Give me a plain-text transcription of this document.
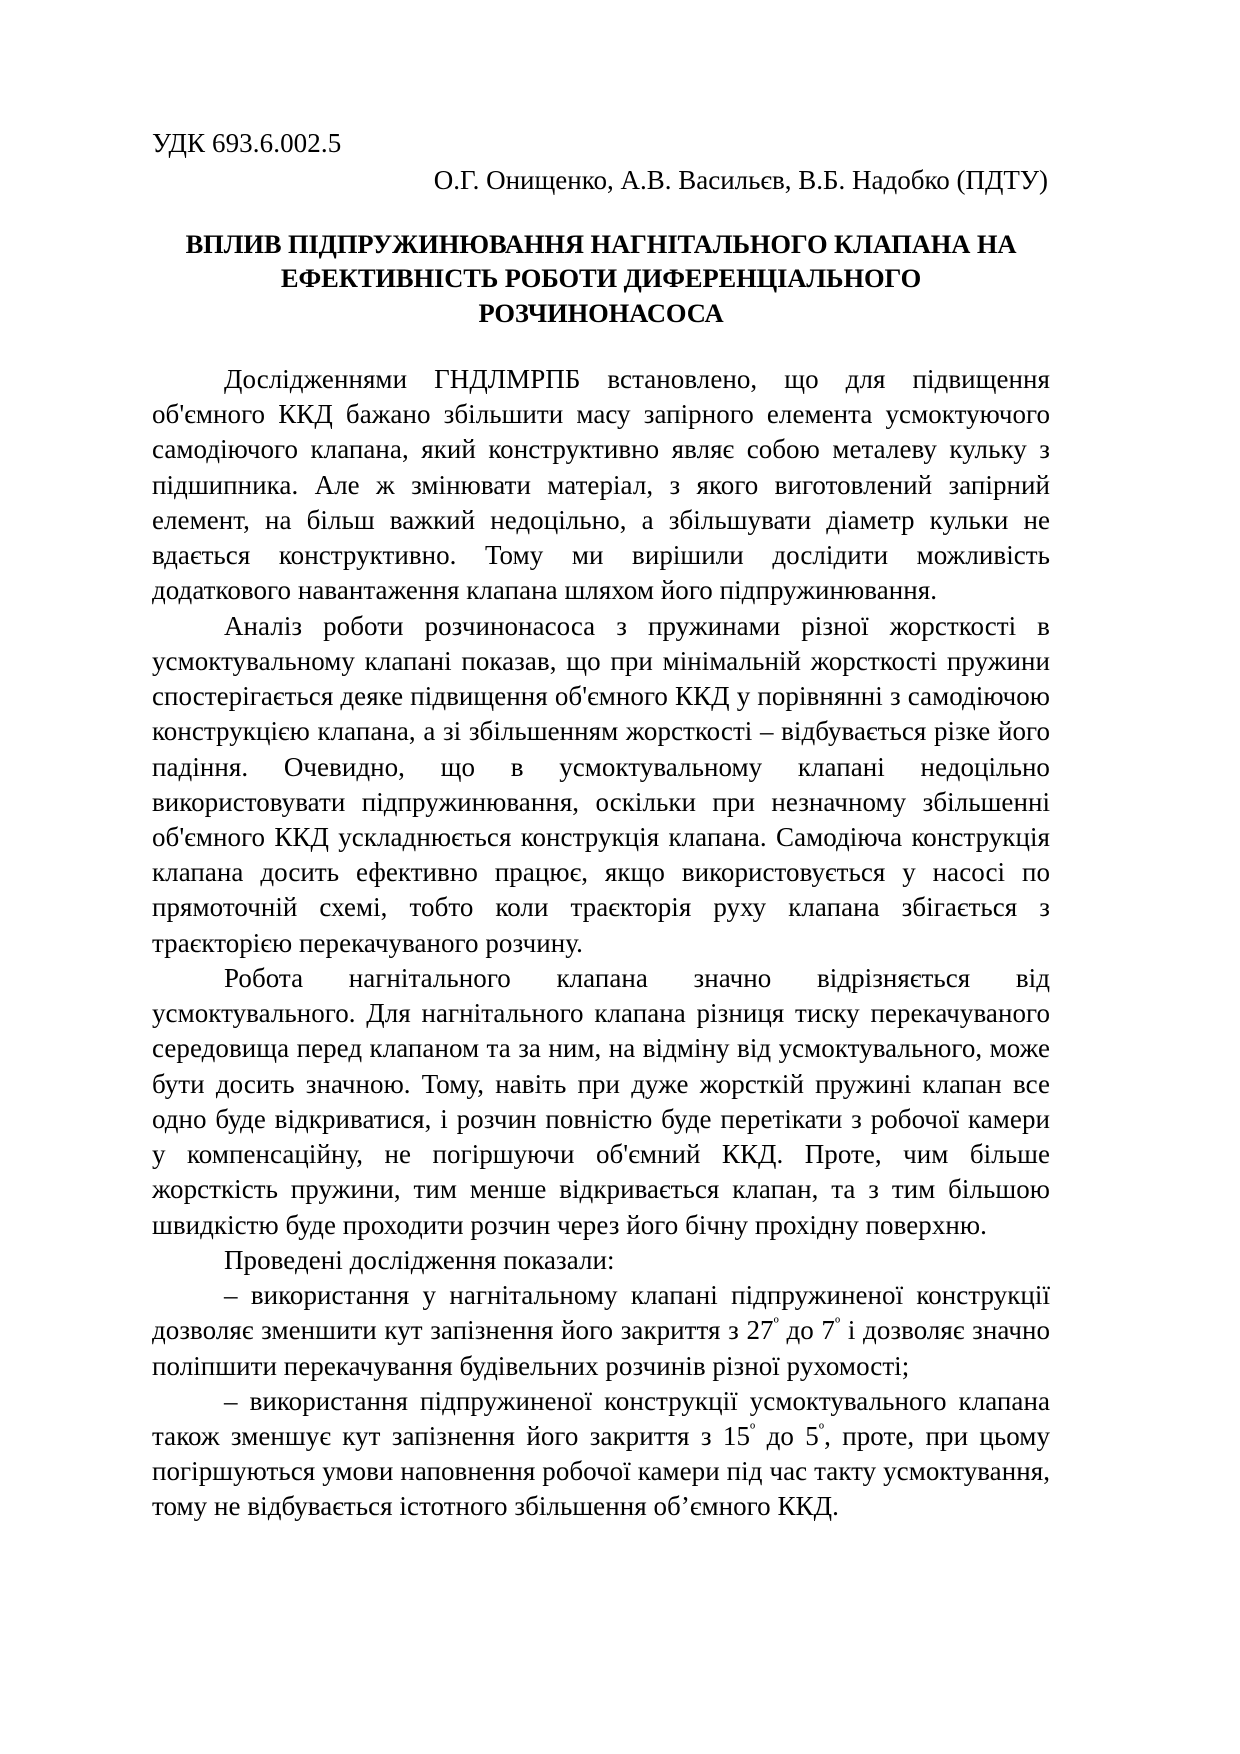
УДК 693.6.002.5

О.Г. Онищенко, А.В. Васильєв, В.Б. Надобко (ПДТУ)

ВПЛИВ ПІДПРУЖИНЮВАННЯ НАГНІТАЛЬНОГО КЛАПАНА НА
ЕФЕКТИВНІСТЬ РОБОТИ ДИФЕРЕНЦІАЛЬНОГО
РОЗЧИНОНАСОСА

Дослідженнями ГНДЛМРПБ встановлено, що для підвищення об'ємного ККД бажано збільшити масу запірного елемента усмоктуючого самодіючого клапана, який конструктивно являє собою металеву кульку з підшипника. Але ж змінювати матеріал, з якого виготовлений запірний елемент, на більш важкий недоцільно, а збільшувати діаметр кульки не вдається конструктивно. Тому ми вирішили дослідити можливість додаткового навантаження клапана шляхом його підпружинювання.

Аналіз роботи розчинонасоса з пружинами різної жорсткості в усмоктувальному клапані показав, що при мінімальній жорсткості пружини спостерігається деяке підвищення об'ємного ККД у порівнянні з самодіючою конструкцією клапана, а зі збільшенням жорсткості – відбувається різке його падіння. Очевидно, що в усмоктувальному клапані недоцільно використовувати підпружинювання, оскільки при незначному збільшенні об'ємного ККД ускладнюється конструкція клапана. Самодіюча конструкція клапана досить ефективно працює, якщо використовується у насосі по прямоточній схемі, тобто коли траєкторія руху клапана збігається з траєкторією перекачуваного розчину.

Робота нагнітального клапана значно відрізняється від усмоктувального. Для нагнітального клапана різниця тиску перекачуваного середовища перед клапаном та за ним, на відміну від усмоктувального, може бути досить значною. Тому, навіть при дуже жорсткій пружині клапан все одно буде відкриватися, і розчин повністю буде перетікати з робочої камери у компенсаційну, не погіршуючи об'ємний ККД. Проте, чим більше жорсткість пружини, тим менше відкривається клапан, та з тим більшою швидкістю буде проходити розчин через його бічну прохідну поверхню.

Проведені дослідження показали:

– використання у нагнітальному клапані підпружиненої конструкції дозволяє зменшити кут запізнення його закриття з $27^º$ до $7^º$ і дозволяє значно поліпшити перекачування будівельних розчинів різної рухомості;

– використання підпружиненої конструкції усмоктувального клапана також зменшує кут запізнення його закриття з $15^º$ до $5^º$, проте, при цьому погіршуються умови наповнення робочої камери під час такту усмоктування, тому не відбувається істотного збільшення об’ємного ККД.
